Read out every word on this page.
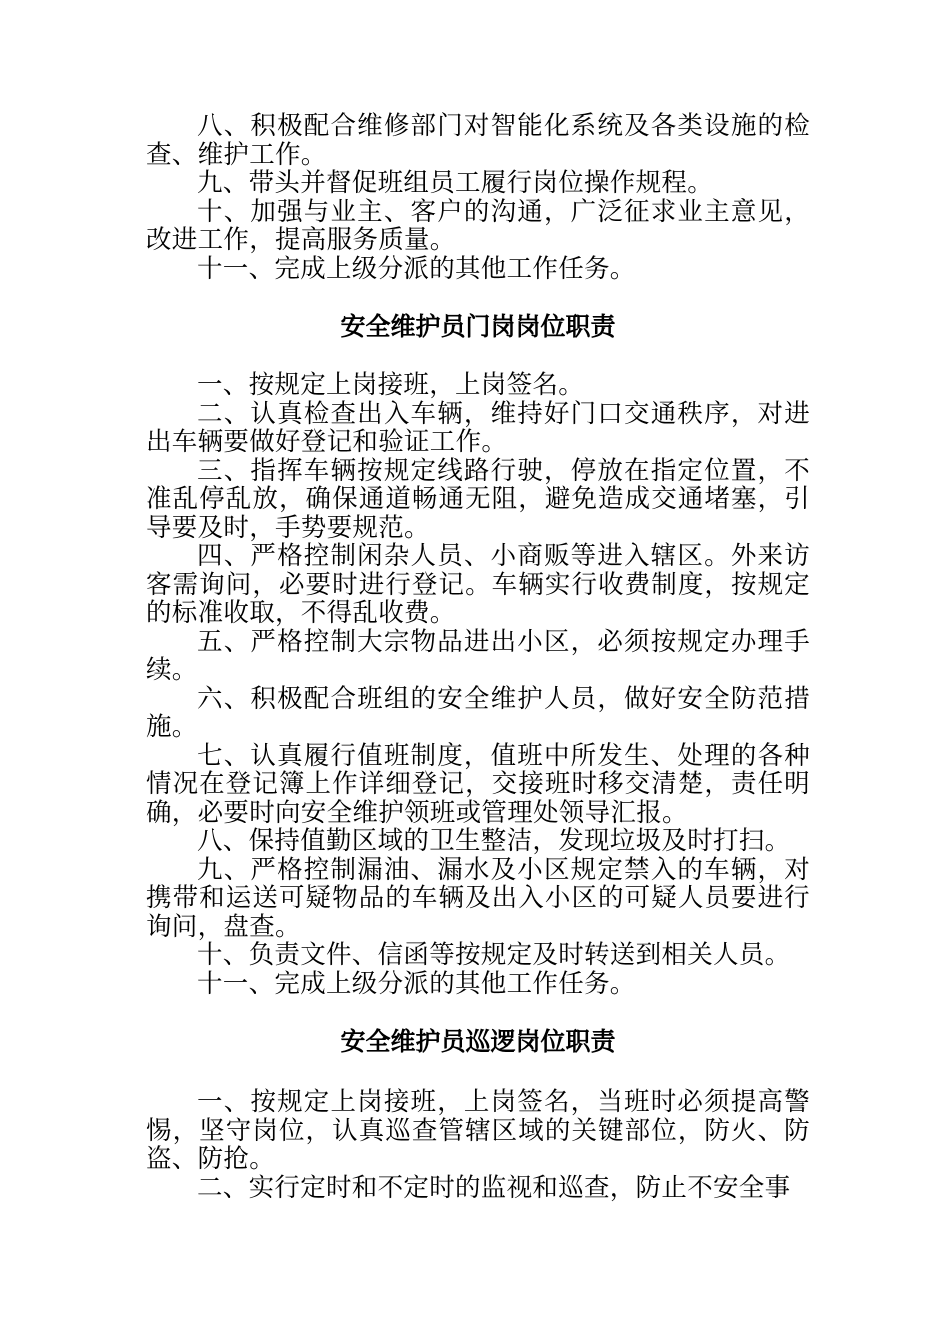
八、积极配合维修部门对智能化系统及各类设施的检查、维护工作。

九、带头并督促班组员工履行岗位操作规程。

十、加强与业主、客户的沟通，广泛征求业主意见，改进工作，提高服务质量。

十一、完成上级分派的其他工作任务。

安全维护员门岗岗位职责

一、按规定上岗接班，上岗签名。

二、认真检查出入车辆，维持好门口交通秩序，对进出车辆要做好登记和验证工作。

三、指挥车辆按规定线路行驶，停放在指定位置，不准乱停乱放，确保通道畅通无阻，避免造成交通堵塞，引导要及时，手势要规范。

四、严格控制闲杂人员、小商贩等进入辖区。外来访客需询问，必要时进行登记。车辆实行收费制度，按规定的标准收取，不得乱收费。

五、严格控制大宗物品进出小区，必须按规定办理手续。

六、积极配合班组的安全维护人员，做好安全防范措施。

七、认真履行值班制度，值班中所发生、处理的各种情况在登记簿上作详细登记，交接班时移交清楚，责任明确，必要时向安全维护领班或管理处领导汇报。

八、保持值勤区域的卫生整洁，发现垃圾及时打扫。

九、严格控制漏油、漏水及小区规定禁入的车辆，对携带和运送可疑物品的车辆及出入小区的可疑人员要进行询问，盘查。

十、负责文件、信函等按规定及时转送到相关人员。

十一、完成上级分派的其他工作任务。

安全维护员巡逻岗位职责

一、按规定上岗接班，上岗签名，当班时必须提高警惕，坚守岗位，认真巡查管辖区域的关键部位，防火、防盗、防抢。

二、实行定时和不定时的监视和巡查，防止不安全事
